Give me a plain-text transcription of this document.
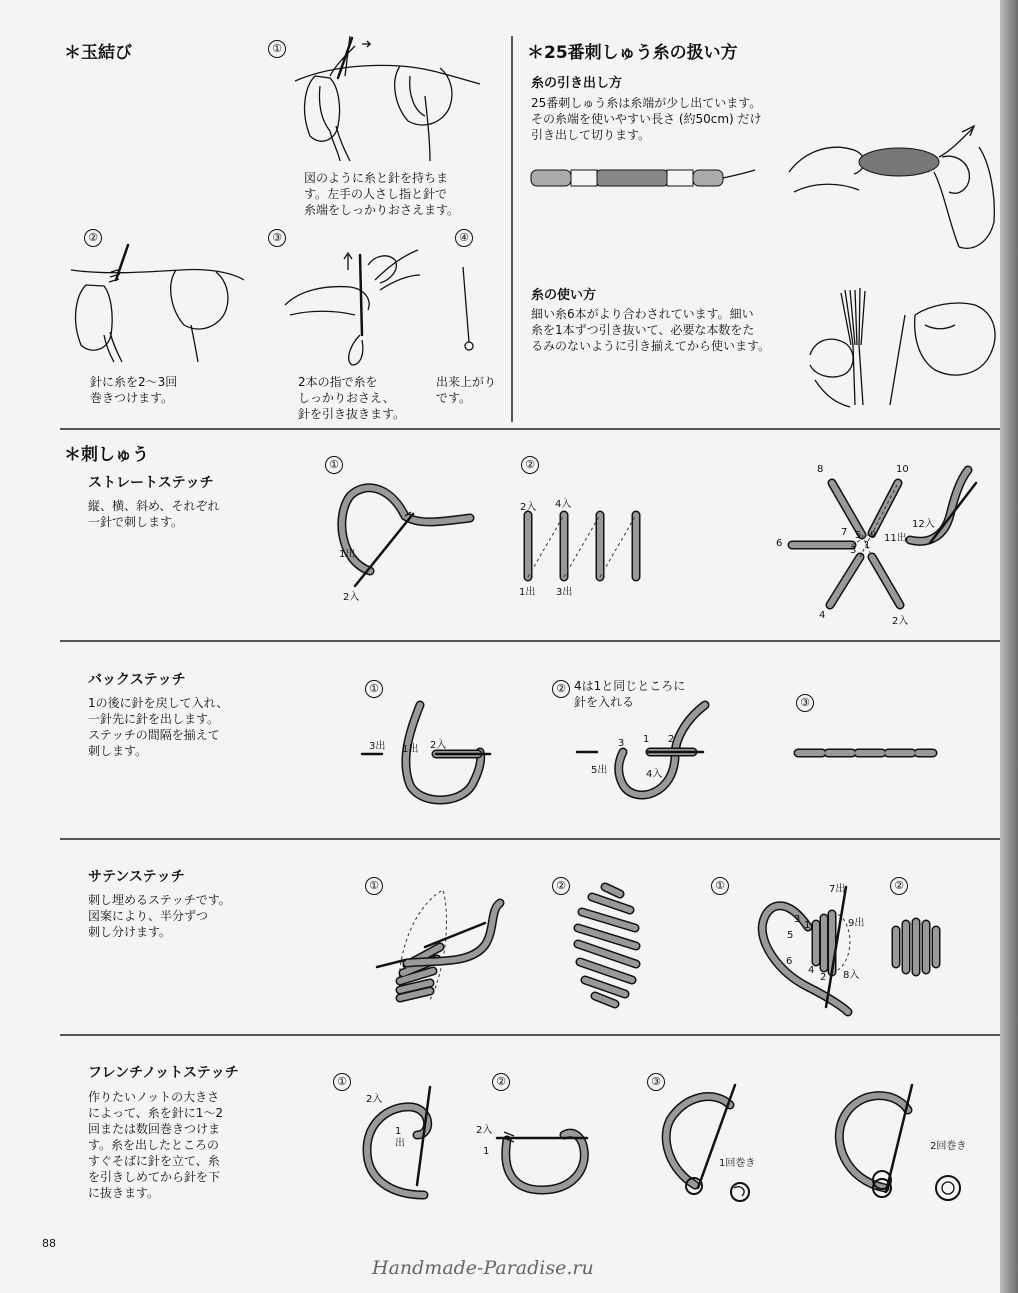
＊玉結び	①
図のように糸と針を持ちま
す。左手の人さし指と針で
糸端をしっかりおさえます。
②
針に糸を2〜3回
巻きつけます。
③
2本の指で糸を
しっかりおさえ、
針を引き抜きます。
④
出来上がり
です。
＊25番刺しゅう糸の扱い方
糸の引き出し方
25番刺しゅう糸は糸端が少し出ています。
その糸端を使いやすい長さ (約50cm) だけ
引き出して切ります。
糸の使い方
細い糸6本がより合わされています。細い
糸を1本ずつ引き抜いて、必要な本数をた
るみのないように引き揃えてから使います。
＊刺しゅう
ストレートステッチ
縦、横、斜め、それぞれ
一針で刺します。
①
1出
2入
②
2入 4入
1出 3出
8	10
12入
6
7 5 9 11出
3 1
4
2入
バックステッチ
1の後に針を戻して入れ、
一針先に針を出します。
ステッチの間隔を揃えて
刺します。
①
3出 1出 2入
② 4は1と同じところに
針を入れる
3 1 2
5出	4入
③
サテンステッチ
刺し埋めるステッチです。
図案により、半分ずつ
刺し分けます。
①	②	①	7出
9出
3
1
5
6
4
2 8入
②
フレンチノットステッチ
作りたいノットの大きさ
によって、糸を針に1〜2
回または数回巻きつけま
す。糸を出したところの
すぐそばに針を立て、糸
を引きしめてから針を下
に抜きます。
①
2入
1
出
②
2入
1
③
1回巻き
2回巻き
88
Handmade-Paradise.ru
